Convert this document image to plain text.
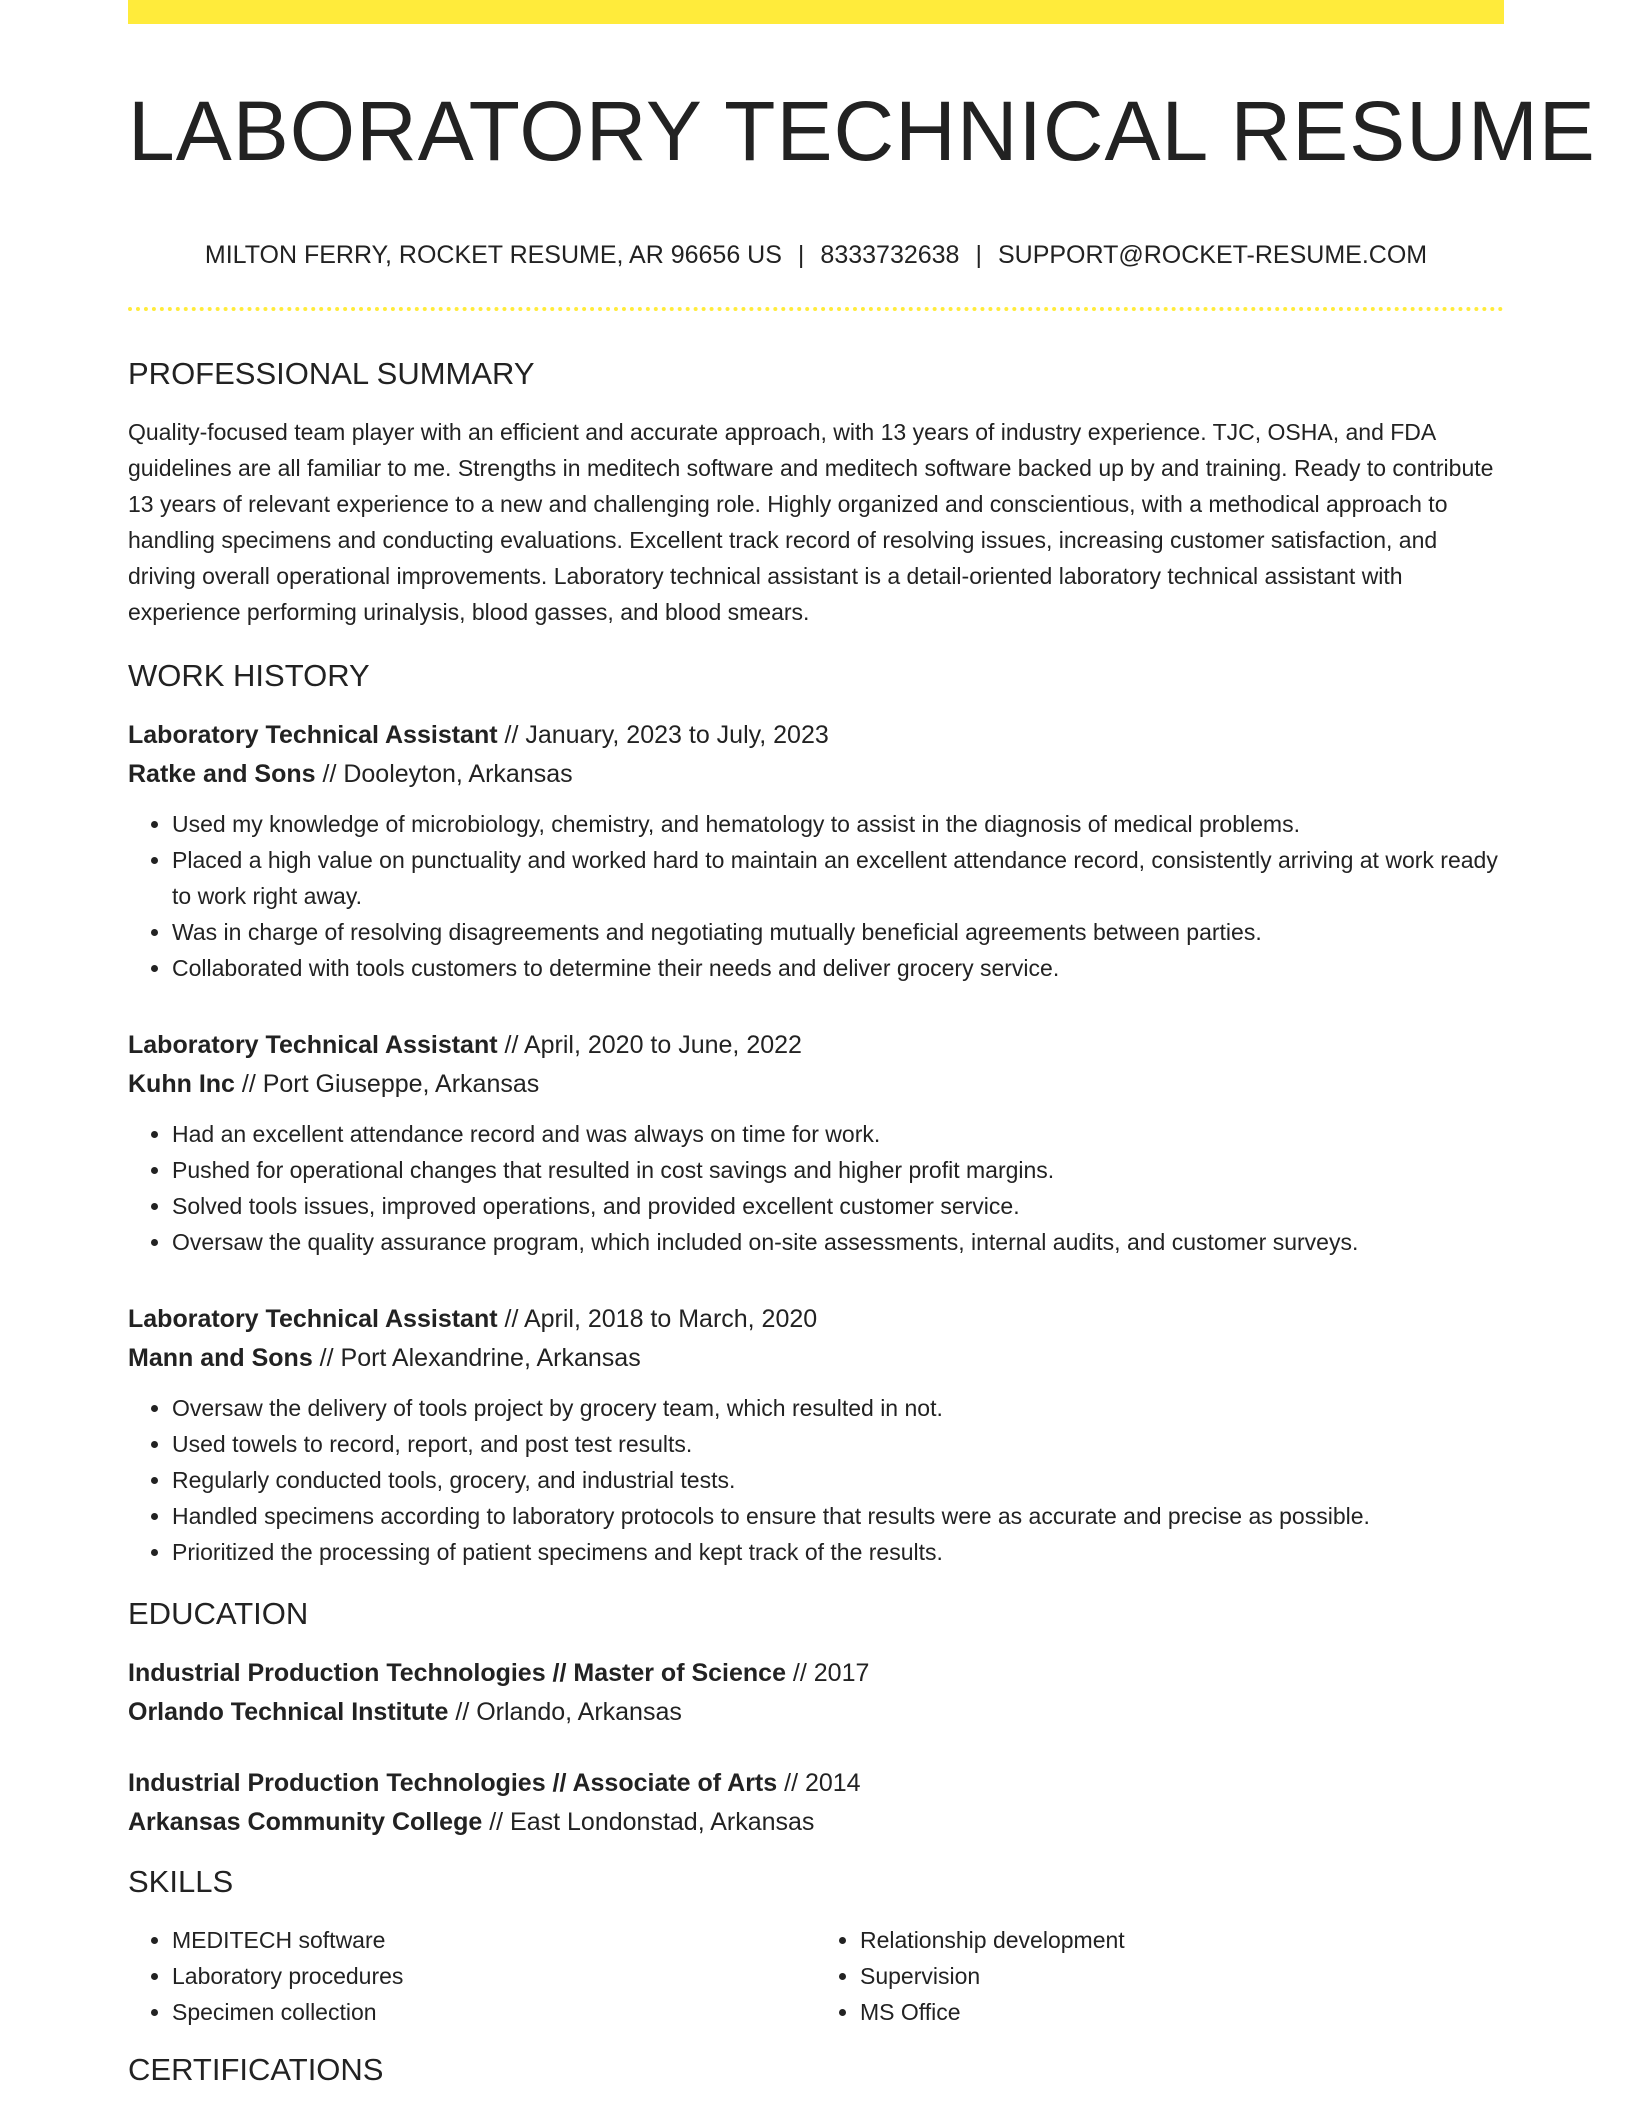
LABORATORY TECHNICAL RESUME
MILTON FERRY, ROCKET RESUME, AR 96656 US | 8333732638 | SUPPORT@ROCKET-RESUME.COM
PROFESSIONAL SUMMARY

Quality-focused team player with an efficient and accurate approach, with 13 years of industry experience. TJC, OSHA, and FDA guidelines are all familiar to me. Strengths in meditech software and meditech software backed up by and training. Ready to contribute 13 years of relevant experience to a new and challenging role. Highly organized and conscientious, with a methodical approach to handling specimens and conducting evaluations. Excellent track record of resolving issues, increasing customer satisfaction, and driving overall operational improvements. Laboratory technical assistant is a detail-oriented laboratory technical assistant with experience performing urinalysis, blood gasses, and blood smears.

WORK HISTORY
Laboratory Technical Assistant // January, 2023 to July, 2023
Ratke and Sons // Dooleyton, Arkansas
• Used my knowledge of microbiology, chemistry, and hematology to assist in the diagnosis of medical problems.
• Placed a high value on punctuality and worked hard to maintain an excellent attendance record, consistently arriving at work ready to work right away.
• Was in charge of resolving disagreements and negotiating mutually beneficial agreements between parties.
• Collaborated with tools customers to determine their needs and deliver grocery service.
Laboratory Technical Assistant // April, 2020 to June, 2022
Kuhn Inc // Port Giuseppe, Arkansas
• Had an excellent attendance record and was always on time for work.
• Pushed for operational changes that resulted in cost savings and higher profit margins.
• Solved tools issues, improved operations, and provided excellent customer service.
• Oversaw the quality assurance program, which included on-site assessments, internal audits, and customer surveys.
Laboratory Technical Assistant // April, 2018 to March, 2020
Mann and Sons // Port Alexandrine, Arkansas
• Oversaw the delivery of tools project by grocery team, which resulted in not.
• Used towels to record, report, and post test results.
• Regularly conducted tools, grocery, and industrial tests.
• Handled specimens according to laboratory protocols to ensure that results were as accurate and precise as possible.
• Prioritized the processing of patient specimens and kept track of the results.
EDUCATION
Industrial Production Technologies // Master of Science // 2017
Orlando Technical Institute // Orlando, Arkansas
Industrial Production Technologies // Associate of Arts // 2014
Arkansas Community College // East Londonstad, Arkansas
SKILLS
• MEDITECH software
• Laboratory procedures
• Specimen collection
• Relationship development
• Supervision
• MS Office
CERTIFICATIONS
